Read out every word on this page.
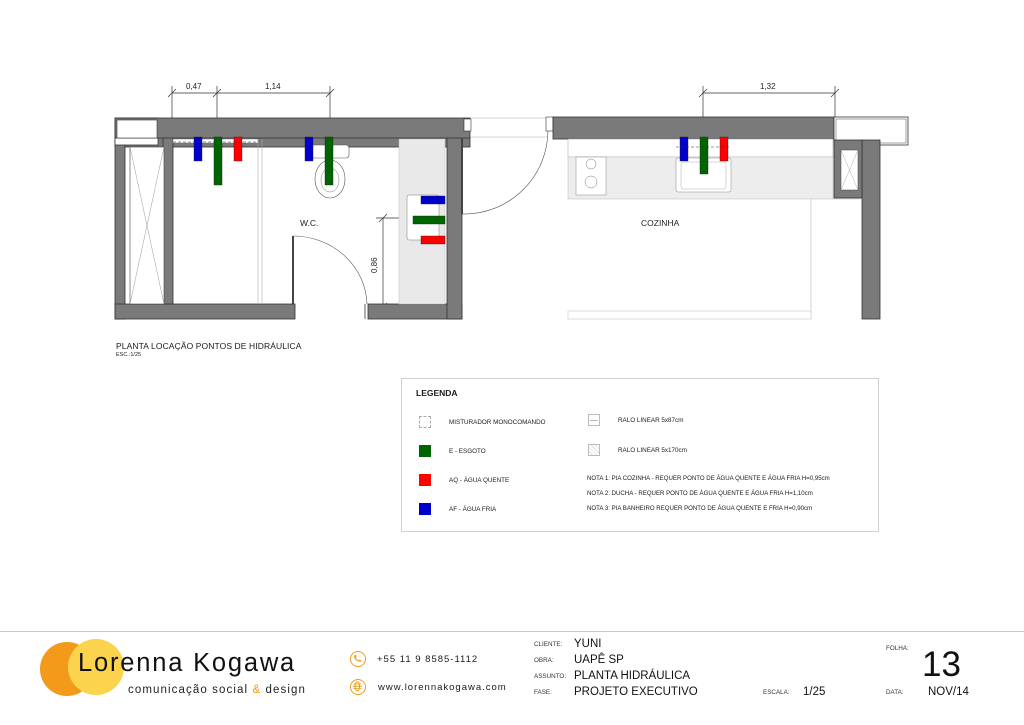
0,47	1,14	1,32
0,86
W.C.	COZINHA
PLANTA LOCAÇÃO PONTOS DE HIDRÁULICA
ESC.:1/25
LEGENDA
MISTURADOR MONOCOMANDO
E - ESGOTO
AQ - ÁGUA QUENTE
AF - ÁGUA FRIA
RALO LINEAR 5x87cm
RALO LINEAR 5x170cm
NOTA 1: PIA COZINHA - REQUER PONTO DE ÁGUA QUENTE E ÁGUA FRIA H=0,95cm
NOTA 2: DUCHA - REQUER PONTO DE ÁGUA QUENTE E ÁGUA FRIA H=1,10cm
NOTA 3: PIA BANHEIRO REQUER PONTO DE ÁGUA QUENTE E FRIA H=0,90cm
Lorenna Kogawa
comunicação social & design
+55 11 9 8585-1112
www.lorennakogawa.com
CLIENTE: YUNI
OBRA: UAPÊ SP
ASSUNTO: PLANTA HIDRÁULICA
FASE: PROJETO EXECUTIVO	ESCALA: 1/25
FOLHA: 13
DATA: NOV/14
